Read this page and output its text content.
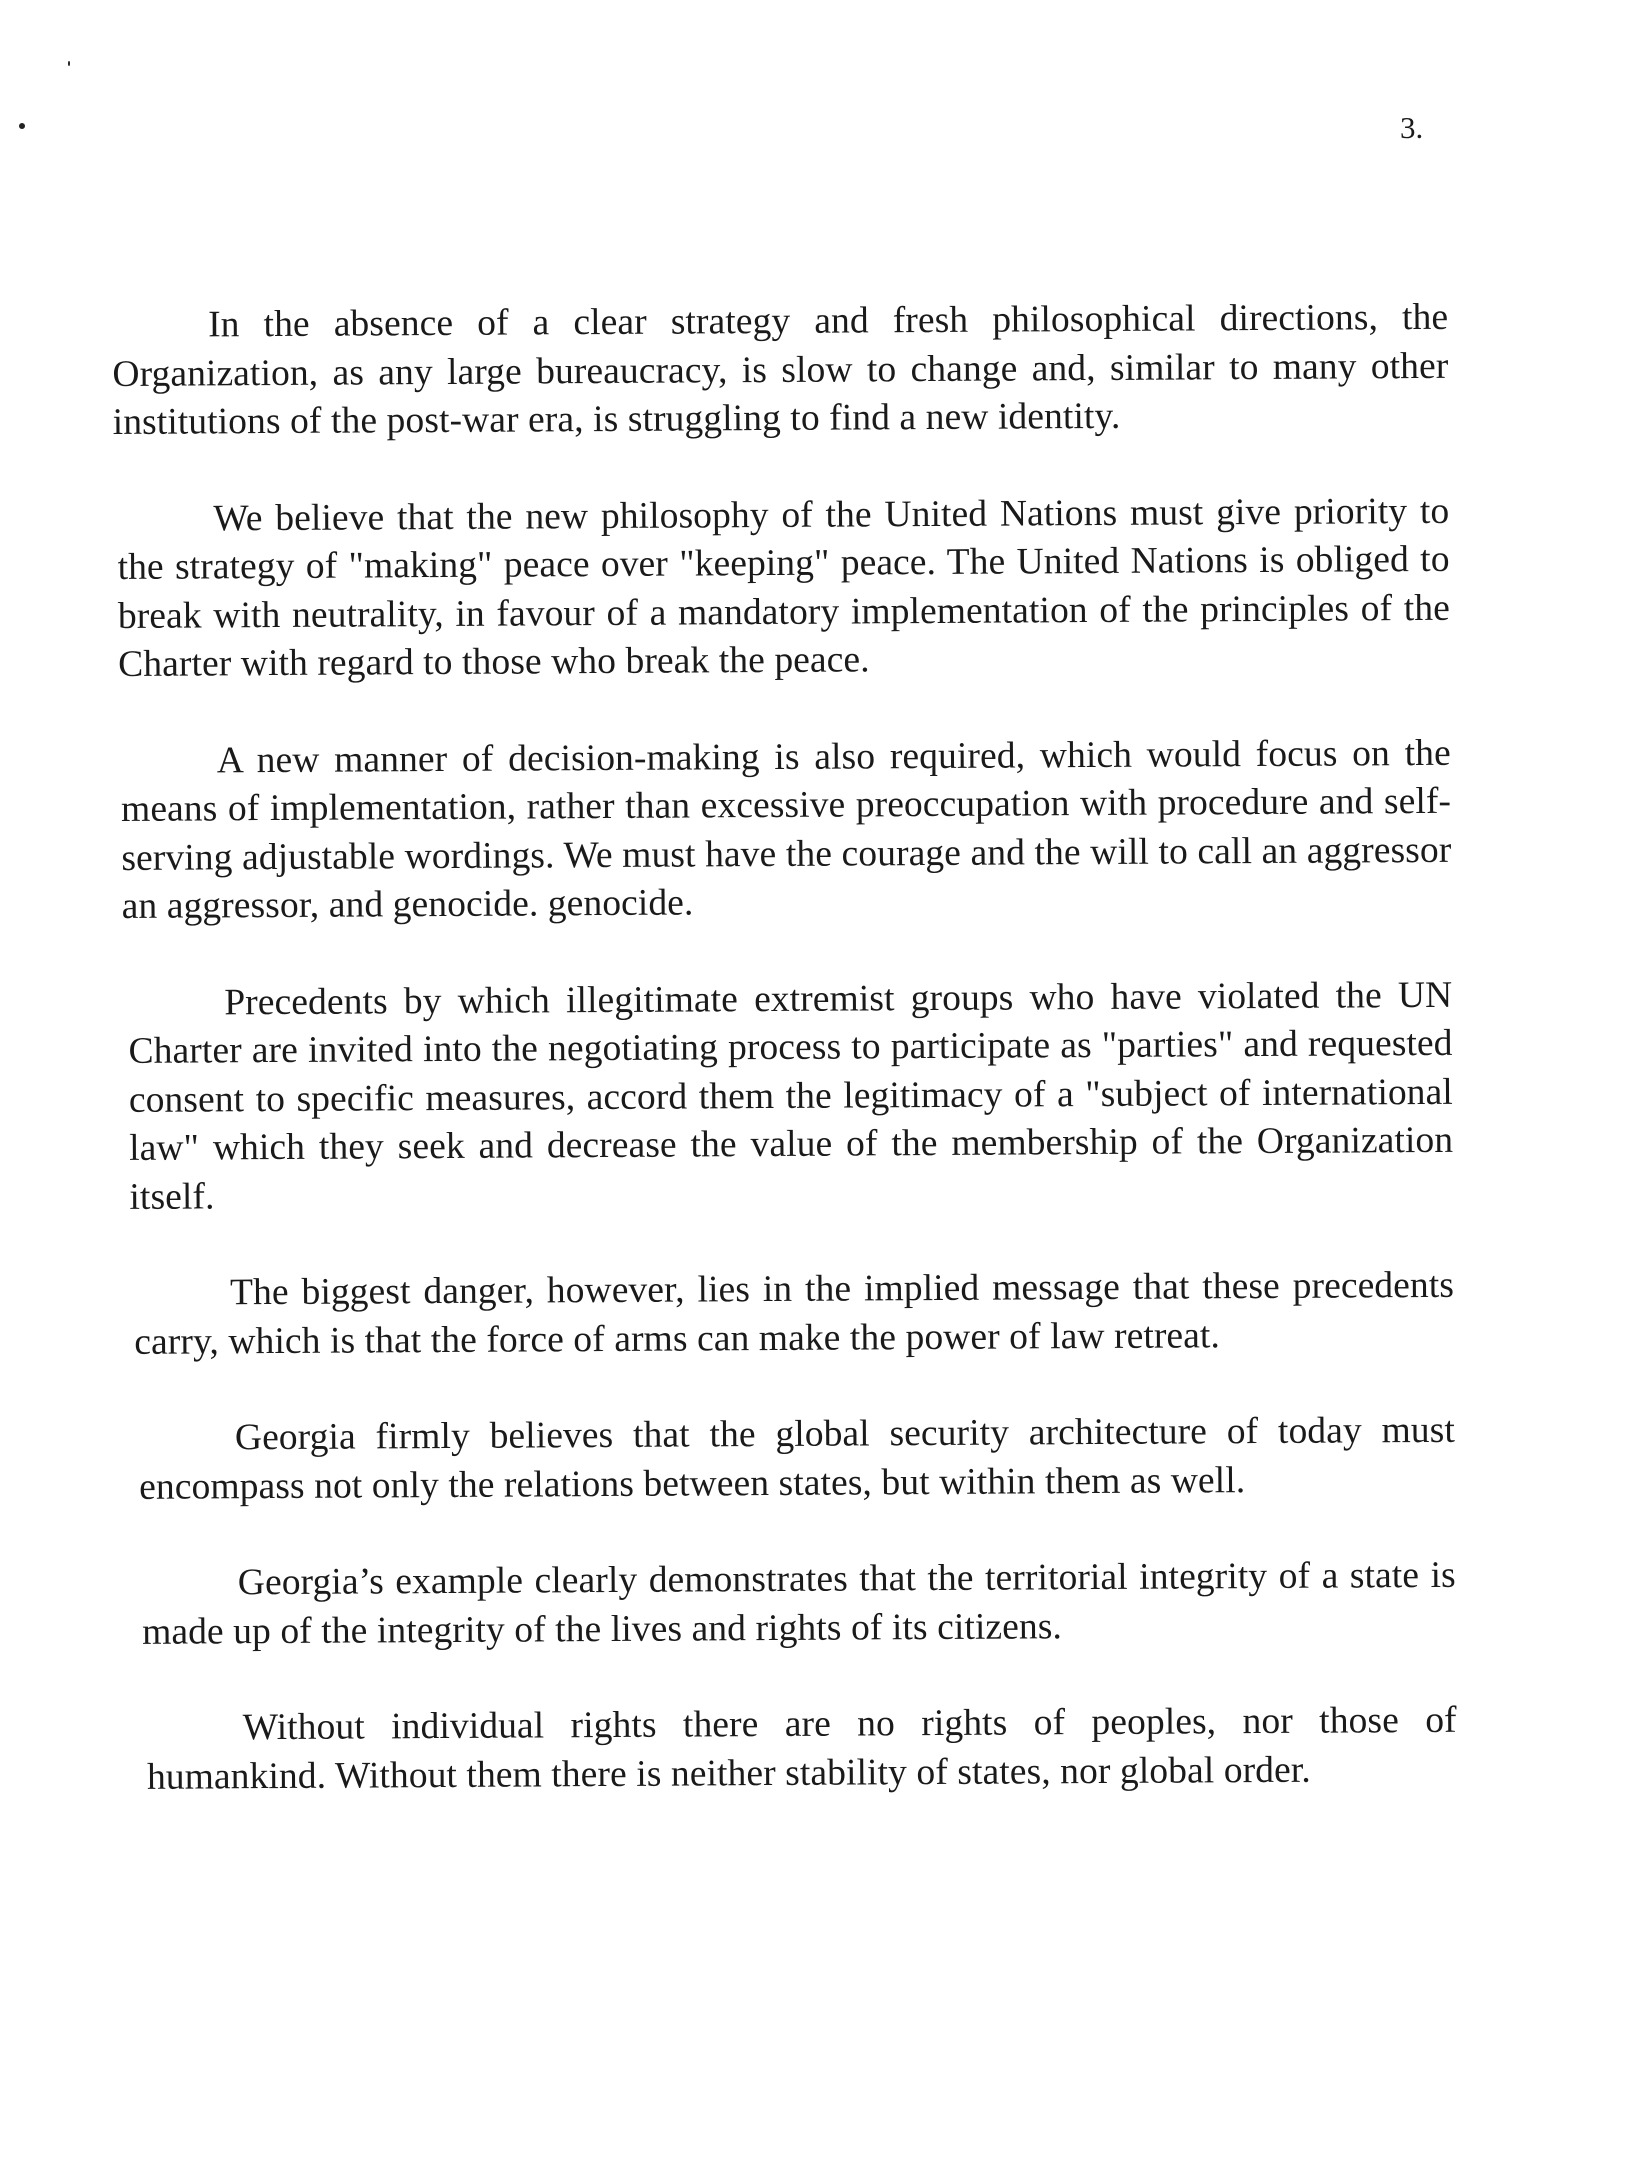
3.

In the absence of a clear strategy and fresh philosophical directions, the Organization, as any large bureaucracy, is slow to change and, similar to many other institutions of the post-war era, is struggling to find a new identity.

We believe that the new philosophy of the United Nations must give priority to the strategy of "making" peace over "keeping" peace. The United Nations is obliged to break with neutrality, in favour of a mandatory implementation of the principles of the Charter with regard to those who break the peace.

A new manner of decision-making is also required, which would focus on the means of implementation, rather than excessive preoccupation with procedure and self-serving adjustable wordings. We must have the courage and the will to call an aggressor an aggressor, and genocide. genocide.

Precedents by which illegitimate extremist groups who have violated the UN Charter are invited into the negotiating process to participate as "parties" and requested consent to specific measures, accord them the legitimacy of a "subject of international law" which they seek and decrease the value of the membership of the Organization itself.

The biggest danger, however, lies in the implied message that these precedents carry, which is that the force of arms can make the power of law retreat.

Georgia firmly believes that the global security architecture of today must encompass not only the relations between states, but within them as well.

Georgia’s example clearly demonstrates that the territorial integrity of a state is made up of the integrity of the lives and rights of its citizens.

Without individual rights there are no rights of peoples, nor those of humankind. Without them there is neither stability of states, nor global order.
